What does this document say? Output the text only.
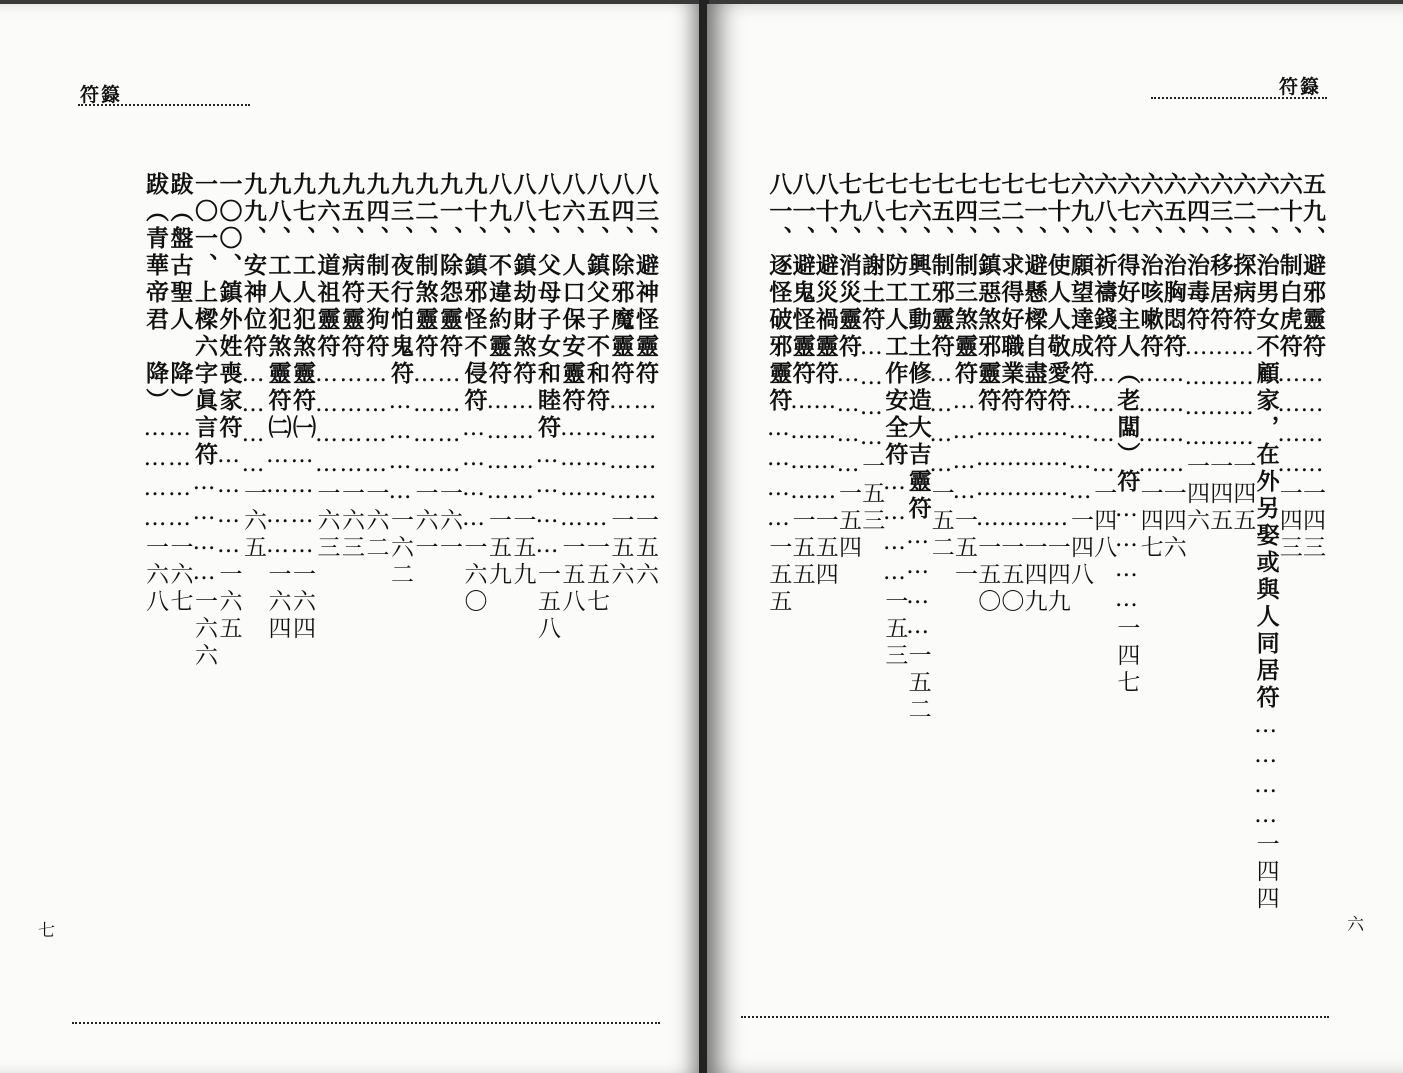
符籙
八三、避神怪靈符…………一五六
八四、除邪魔靈符…………一五六
八五、鎮父子不和符…………一五七
八六、人口保安靈符…………一五八
八七、父母子女和睦符…………一五八
八八、鎮劫財煞符…………一五九
八九、不違約靈符…………一五九
九十、鎮邪怪不侵符…………一六〇
九一、除怨靈符…………一六一
九二、制煞靈符…………一六一
九三、夜行怕鬼符…………一六二
九四、制天狗符…………一六二
九五、病符靈符…………一六三
九六、道祖靈符…………一六三
九七、工人犯煞靈符㈠…………一六四
九八、工人犯煞靈符㈡…………一六四
九九、安神位符…………一六五
一〇〇、鎮外姓喪家符…………一六五
一〇一、上樑六字眞言符…………一六六
跋（盤古聖人　降）…………一六七
跋（青華帝君　降）…………一六八
七
符籙
五九、避邪靈符…………一四三
六十、制白虎符…………一四三
六一、治男女不顧家，在外另娶或與人同居符…………一四四
六二、探病符…………一四五
六三、移居符…………一四五
六四、治毒符…………一四六
六五、治胸悶符…………一四六
六六、治咳嗽符…………一四七
六七、得好主人（老闆）符…………一四七
六八、祈禱錢符…………一四八
六九、願望達成符…………一四八
七十、使人人敬愛符…………一四九
七一、避懸樑自盡符…………一四九
七二、求得好職業符…………一五〇
七三、鎮惡煞邪靈符…………一五〇
七四、制三煞靈符…………一五一
七五、制邪靈符…………一五二
七六、興工動土修造大吉靈符…………一五二
七七、防工人工作安全符…………一五三
七八、謝土符…………一五三
七九、消災靈符…………一五四
八十、避災禍靈符…………一五四
八一、避鬼怪靈符…………一五五
八一、逐怪破邪靈符…………一五五
六
